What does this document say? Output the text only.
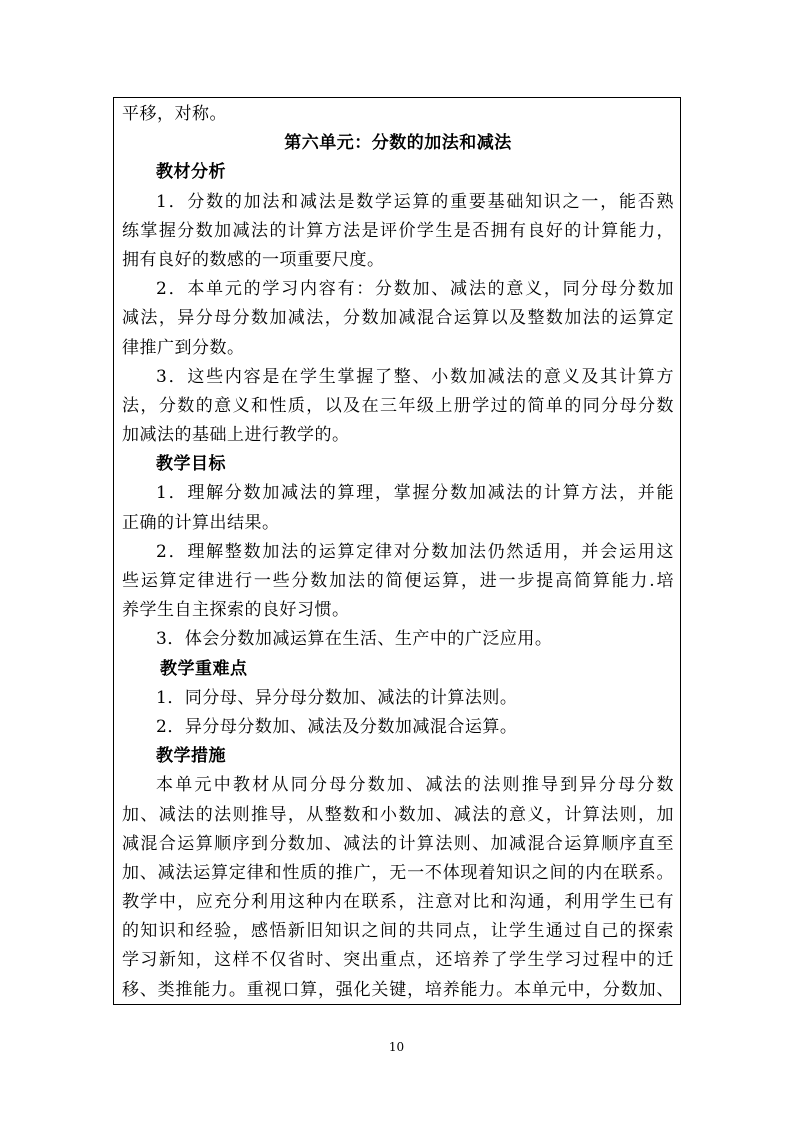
平移，对称。
第六单元：分数的加法和减法
教材分析
1．分数的加法和减法是数学运算的重要基础知识之一，能否熟
练掌握分数加减法的计算方法是评价学生是否拥有良好的计算能力，
拥有良好的数感的一项重要尺度。
2．本单元的学习内容有：分数加、减法的意义，同分母分数加
减法，异分母分数加减法，分数加减混合运算以及整数加法的运算定
律推广到分数。
3．这些内容是在学生掌握了整、小数加减法的意义及其计算方
法，分数的意义和性质，以及在三年级上册学过的简单的同分母分数
加减法的基础上进行教学的。
教学目标
1．理解分数加减法的算理，掌握分数加减法的计算方法，并能
正确的计算出结果。
2．理解整数加法的运算定律对分数加法仍然适用，并会运用这
些运算定律进行一些分数加法的简便运算，进一步提高简算能力.培
养学生自主探索的良好习惯。
3．体会分数加减运算在生活、生产中的广泛应用。
教学重难点
1．同分母、异分母分数加、减法的计算法则。
2．异分母分数加、减法及分数加减混合运算。
教学措施
本单元中教材从同分母分数加、减法的法则推导到异分母分数
加、减法的法则推导，从整数和小数加、减法的意义，计算法则，加
减混合运算顺序到分数加、减法的计算法则、加减混合运算顺序直至
加、减法运算定律和性质的推广，无一不体现着知识之间的内在联系。
教学中，应充分利用这种内在联系，注意对比和沟通，利用学生已有
的知识和经验，感悟新旧知识之间的共同点，让学生通过自己的探索
学习新知，这样不仅省时、突出重点，还培养了学生学习过程中的迁
移、类推能力。重视口算，强化关键，培养能力。本单元中，分数加、
10
